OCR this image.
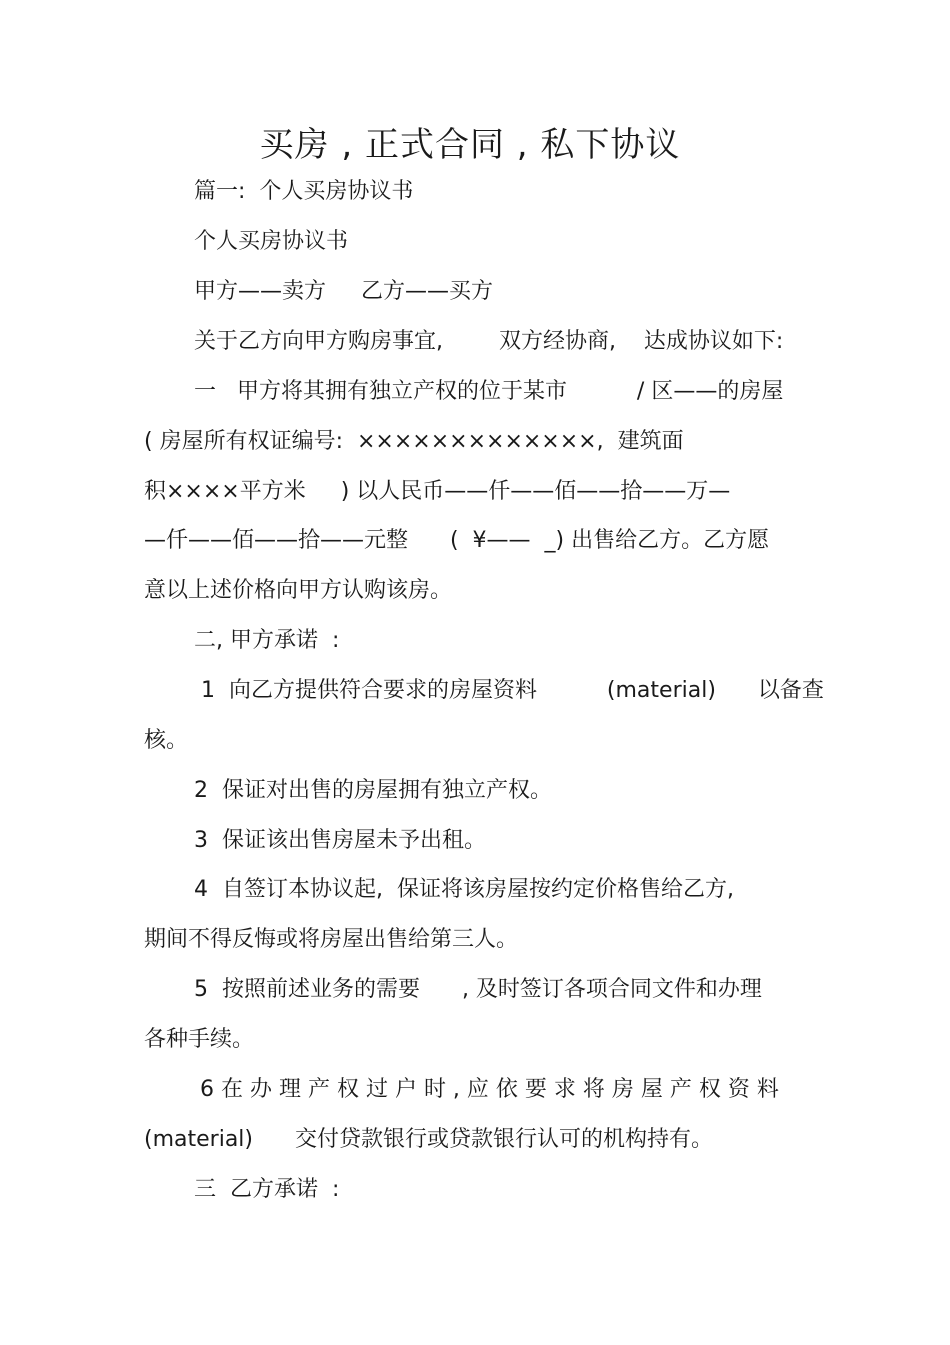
买房 , 正式合同 , 私下协议
篇一:  个人买房协议书
个人买房协议书
甲方——卖方     乙方——买方
关于乙方向甲方购房事宜,        双方经协商,    达成协议如下:
一   甲方将其拥有独立产权的位于某市          / 区——的房屋
( 房屋所有权证编号:  ×××××××××××××,  建筑面
积××××平方米     ) 以人民币——仟——佰——拾——万—
—仟——佰——拾——元整      (  ¥——  _) 出售给乙方。乙方愿
意以上述价格向甲方认购该房。
二, 甲方承诺  :
1  向乙方提供符合要求的房屋资料          (material)      以备查
核。
2  保证对出售的房屋拥有独立产权。
3  保证该出售房屋未予出租。
4  自签订本协议起,  保证将该房屋按约定价格售给乙方,
期间不得反悔或将房屋出售给第三人。
5  按照前述业务的需要      , 及时签订各项合同文件和办理
各种手续。
6 在 办 理 产 权 过 户 时 , 应 依 要 求 将 房 屋 产 权 资 料
(material)      交付贷款银行或贷款银行认可的机构持有。
三  乙方承诺  :
